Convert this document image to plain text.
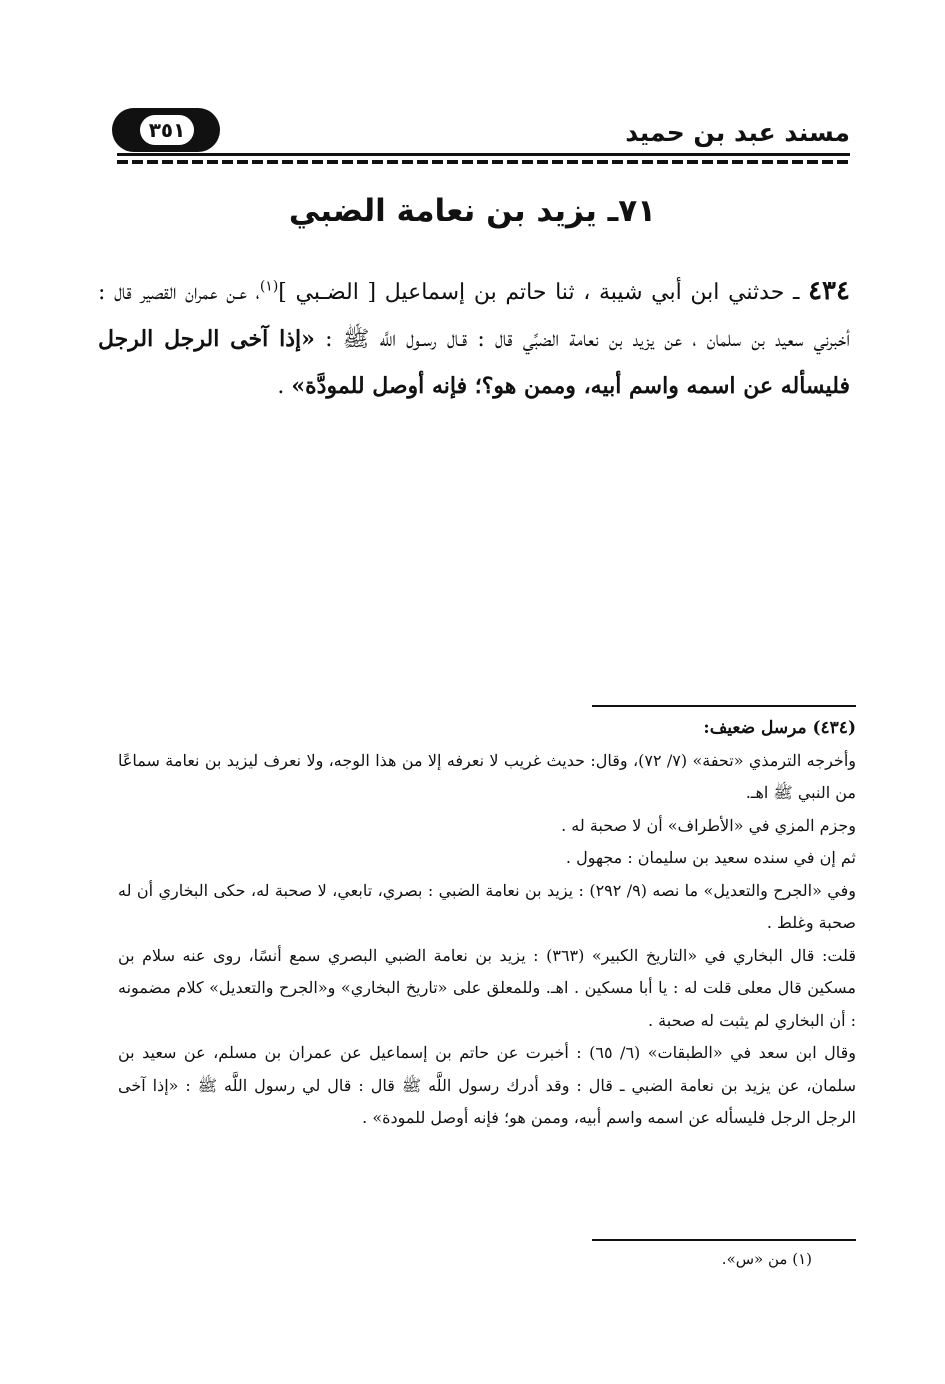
مسند عبد بن حميد
٣٥١
٧١ـ يزيد بن نعامة الضبي
٤٣٤ ـ حدثني ابن أبي شيبة ، ثنا حاتم بن إسماعيل [ الضـبي ]$^{(١)}$، عـن عمران القصير قال : أخبرني سعيد بن سلمان ، عن يزيد بن نعامة الضبِّي قال : قـال رسـول اللَّه ﷺ : «إذا آخى الرجل الرجل فليسأله عن اسمه واسم أبيه، وممن هو؟؛ فإنه أوصل للمودَّة» .

(٤٣٤) مرسل ضعيف:

وأخرجه الترمذي «تحفة» (٧/ ٧٢)، وقال: حديث غريب لا نعرفه إلا من هذا الوجه، ولا نعرف ليزيد بن نعامة سماعًا من النبي ﷺ اهـ.

وجزم المزي في «الأطراف» أن لا صحبة له .

ثم إن في سنده سعيد بن سليمان : مجهول .

وفي «الجرح والتعديل» ما نصه (٩/ ٢٩٢) : يزيد بن نعامة الضبي : بصري، تابعي، لا صحبة له، حكى البخاري أن له صحبة وغلط .

قلت: قال البخاري في «التاريخ الكبير» (٣٦٣) : يزيد بن نعامة الضبي البصري سمع أنسًا، روى عنه سلام بن مسكين قال معلى قلت له : يا أبا مسكين . اهـ. وللمعلق على «تاريخ البخاري» و«الجرح والتعديل» كلام مضمونه : أن البخاري لم يثبت له صحبة .

وقال ابن سعد في «الطبقات» (٦/ ٦٥) : أخبرت عن حاتم بن إسماعيل عن عمران بن مسلم، عن سعيد بن سلمان، عن يزيد بن نعامة الضبي ـ قال : وقد أدرك رسول اللَّه ﷺ قال : قال لي رسول اللَّه ﷺ : «إذا آخى الرجل الرجل فليسأله عن اسمه واسم أبيه، وممن هو؛ فإنه أوصل للمودة» .

(١) من «س».
